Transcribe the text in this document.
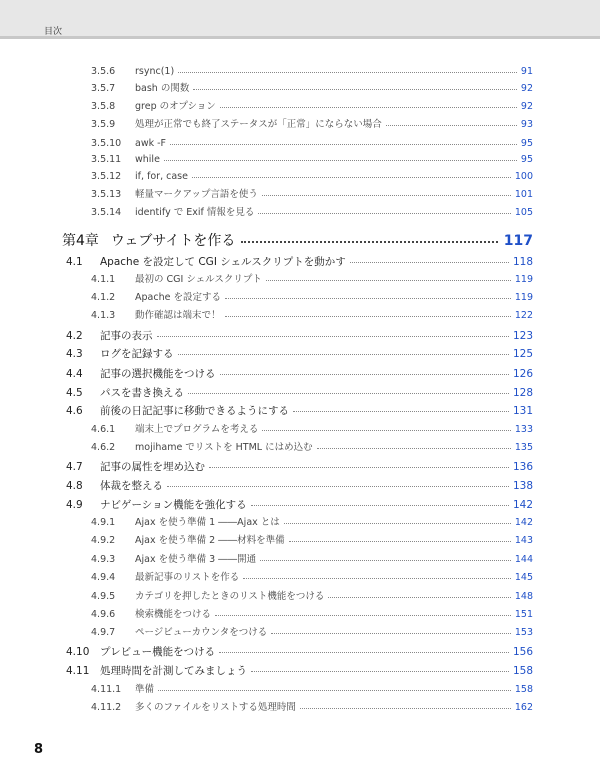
目次
3.5.6	rsync(1)	91
3.5.7	bash の関数	92
3.5.8	grep のオプション	92
3.5.9	処理が正常でも終了ステータスが「正常」にならない場合	93
3.5.10	awk -F	95
3.5.11	while	95
3.5.12	if, for, case	100
3.5.13	軽量マークアップ言語を使う	101
3.5.14	identify で Exif 情報を見る	105
第4章 ウェブサイトを作る	117
4.1	Apache を設定して CGI シェルスクリプトを動かす	118
4.1.1	最初の CGI シェルスクリプト	119
4.1.2	Apache を設定する	119
4.1.3	動作確認は端末で！	122
4.2	記事の表示	123
4.3	ログを記録する	125
4.4	記事の選択機能をつける	126
4.5	パスを書き換える	128
4.6	前後の日記記事に移動できるようにする	131
4.6.1	端末上でプログラムを考える	133
4.6.2	mojihame でリストを HTML にはめ込む	135
4.7	記事の属性を埋め込む	136
4.8	体裁を整える	138
4.9	ナビゲーション機能を強化する	142
4.9.1	Ajax を使う準備 1 ――Ajax とは	142
4.9.2	Ajax を使う準備 2 ――材料を準備	143
4.9.3	Ajax を使う準備 3 ――開通	144
4.9.4	最新記事のリストを作る	145
4.9.5	カテゴリを押したときのリスト機能をつける	148
4.9.6	検索機能をつける	151
4.9.7	ページビューカウンタをつける	153
4.10	プレビュー機能をつける	156
4.11	処理時間を計測してみましょう	158
4.11.1	準備	158
4.11.2	多くのファイルをリストする処理時間	162
8
